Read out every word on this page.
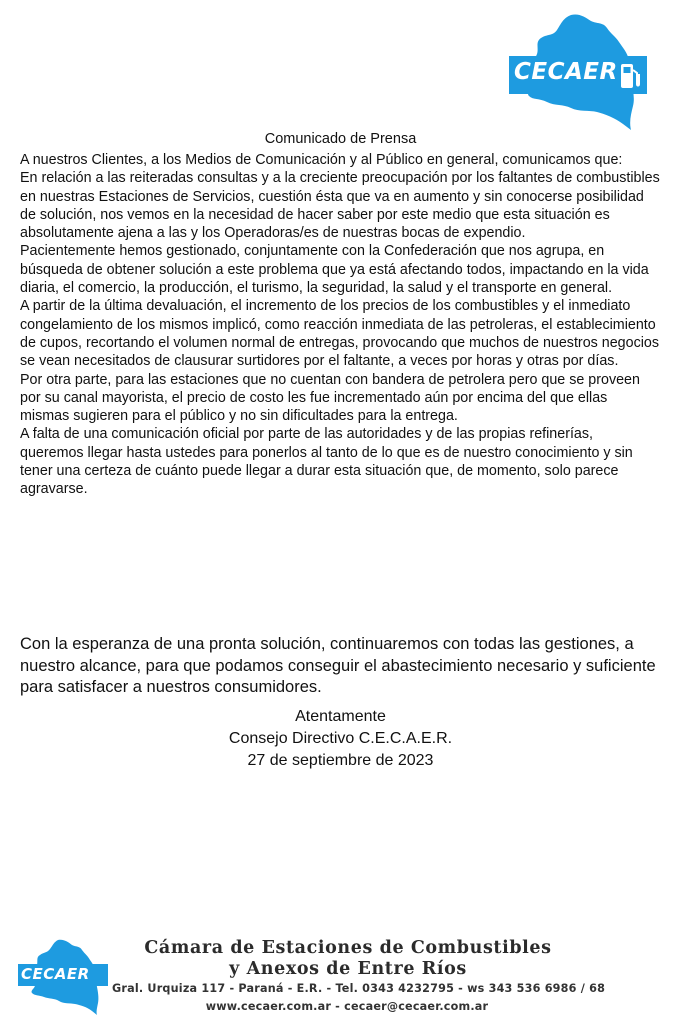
CECAER
Comunicado de Prensa

A nuestros Clientes, a los Medios de Comunicación y al Público en general, comunicamos que:

En relación a las reiteradas consultas y a la creciente preocupación por los faltantes de combustibles en nuestras Estaciones de Servicios, cuestión ésta que va en aumento y sin conocerse posibilidad de solución, nos vemos en la necesidad de hacer saber por este medio que esta situación es absolutamente ajena a las y los Operadoras/es de nuestras bocas de expendio.

Pacientemente hemos gestionado, conjuntamente con la Confederación que nos agrupa, en búsqueda de obtener solución a este problema que ya está afectando todos, impactando en la vida diaria, el comercio, la producción, el turismo, la seguridad, la salud y el transporte en general.

A partir de la última devaluación, el incremento de los precios de los combustibles y el inmediato congelamiento de los mismos implicó, como reacción inmediata de las petroleras, el establecimiento de cupos, recortando el volumen normal de entregas, provocando que muchos de nuestros negocios se vean necesitados de clausurar surtidores por el faltante, a veces por horas y otras por días.

Por otra parte, para las estaciones que no cuentan con bandera de petrolera pero que se proveen por su canal mayorista, el precio de costo les fue incrementado aún por encima del que ellas mismas sugieren para el público y no sin dificultades para la entrega.

A falta de una comunicación oficial por parte de las autoridades y de las propias refinerías, queremos llegar hasta ustedes para ponerlos al tanto de lo que es de nuestro conocimiento y sin tener una certeza de cuánto puede llegar a durar esta situación que, de momento, solo parece agravarse.

Con la esperanza de una pronta solución, continuaremos con todas las gestiones, a nuestro alcance, para que podamos conseguir el abastecimiento necesario y suficiente para satisfacer a nuestros consumidores.
Atentamente
Consejo Directivo C.E.C.A.E.R.
27 de septiembre de 2023
CECAER
Cámara de Estaciones de Combustibles
y Anexos de Entre Ríos
Gral. Urquiza 117 - Paraná - E.R. - Tel. 0343 4232795 - ws 343 536 6986 / 68
www.cecaer.com.ar - cecaer@cecaer.com.ar
